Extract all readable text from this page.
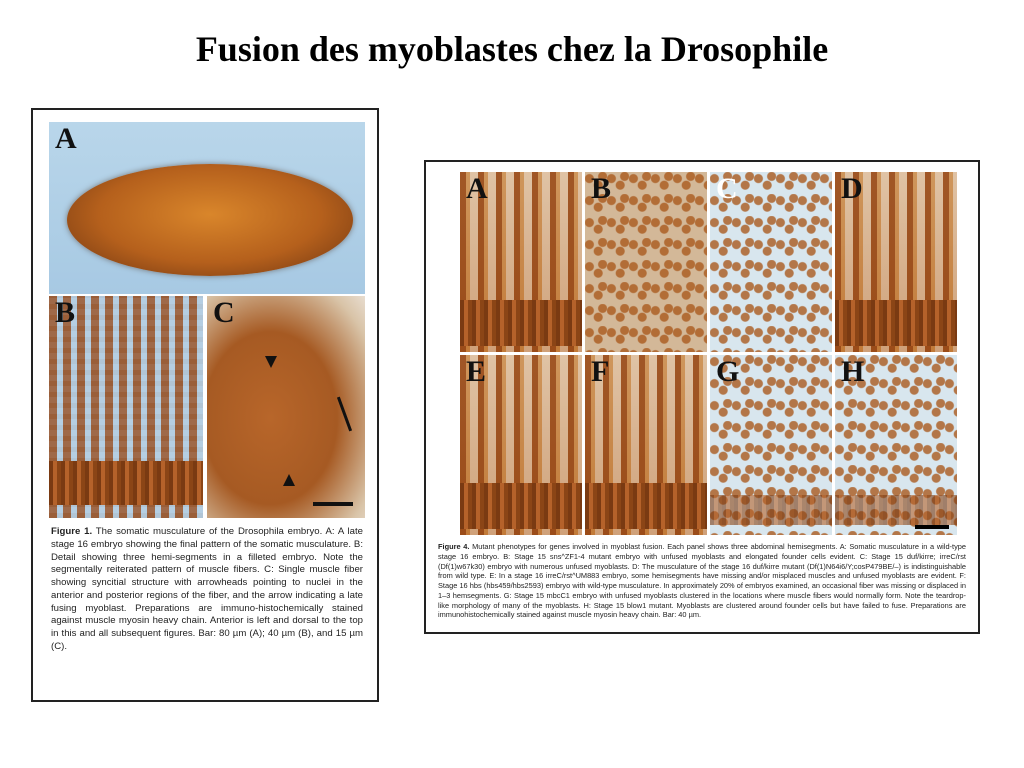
Fusion des myoblastes chez la Drosophile
A
B	C
Figure 1. The somatic musculature of the Drosophila embryo. A: A late stage 16 embryo showing the final pattern of the somatic musculature. B: Detail showing three hemi-segments in a filleted embryo. Note the segmentally reiterated pattern of muscle fibers. C: Single muscle fiber showing syncitial structure with arrowheads pointing to nuclei in the anterior and posterior regions of the fiber, and the arrow indicating a late fusing myoblast. Preparations are immuno-histochemically stained against muscle myosin heavy chain. Anterior is left and dorsal to the top in this and all subsequent figures. Bar: 80 µm (A); 40 µm (B), and 15 µm (C).
A	B	C	D
E	F	G	H
Figure 4. Mutant phenotypes for genes involved in myoblast fusion. Each panel shows three abdominal hemisegments. A: Somatic musculature in a wild-type stage 16 embryo. B: Stage 15 sns^ZF1-4 mutant embryo with unfused myoblasts and elongated founder cells evident. C: Stage 15 duf/kirre; irreC/rst (Df(1)w67k30) embryo with numerous unfused myoblasts. D: The musculature of the stage 16 duf/kirre mutant (Df(1)N64i6/Y;cosP479BE/–) is indistinguishable from wild type. E: In a stage 16 irreC/rst^UM883 embryo, some hemisegments have missing and/or misplaced muscles and unfused myoblasts are evident. F: Stage 16 hbs (hbs459/hbs2593) embryo with wild-type musculature. In approximately 20% of embryos examined, an occasional fiber was missing or displaced in 1–3 hemsegments. G: Stage 15 mbcC1 embryo with unfused myoblasts clustered in the locations where muscle fibers would normally form. Note the teardrop-like morphology of many of the myoblasts. H: Stage 15 blow1 mutant. Myoblasts are clustered around founder cells but have failed to fuse. Preparations are immunohistochemically stained against muscle myosin heavy chain. Bar: 40 µm.
